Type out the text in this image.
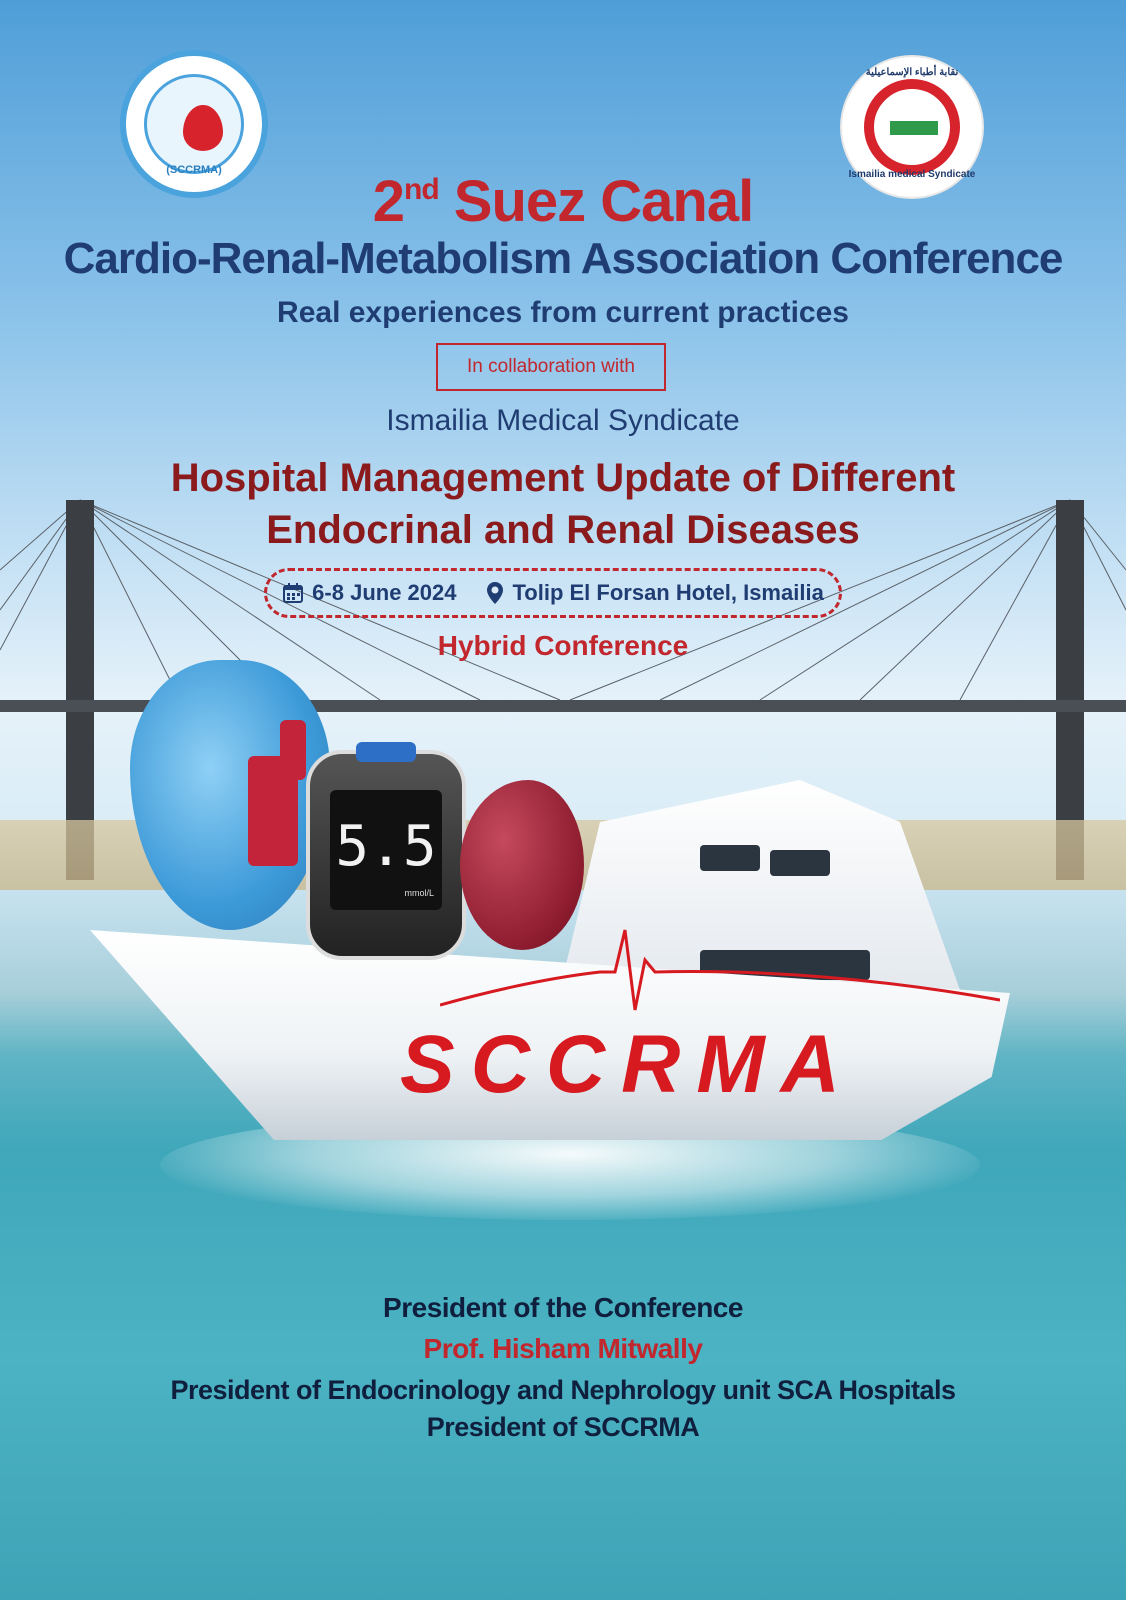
(SCCRMA)
نقابة أطباء الإسماعيلية
Ismailia medical Syndicate
2nd Suez Canal
Cardio-Renal-Metabolism Association Conference
Real experiences from current practices
In collaboration with
Ismailia Medical Syndicate
Hospital Management Update of Different
Endocrinal and Renal Diseases
6-8 June 2024	Tolip El Forsan Hotel, Ismailia
Hybrid Conference
5.5
mmol/L
SCCRMA
President of the Conference
Prof. Hisham Mitwally
President of Endocrinology and Nephrology unit SCA Hospitals
President of SCCRMA
